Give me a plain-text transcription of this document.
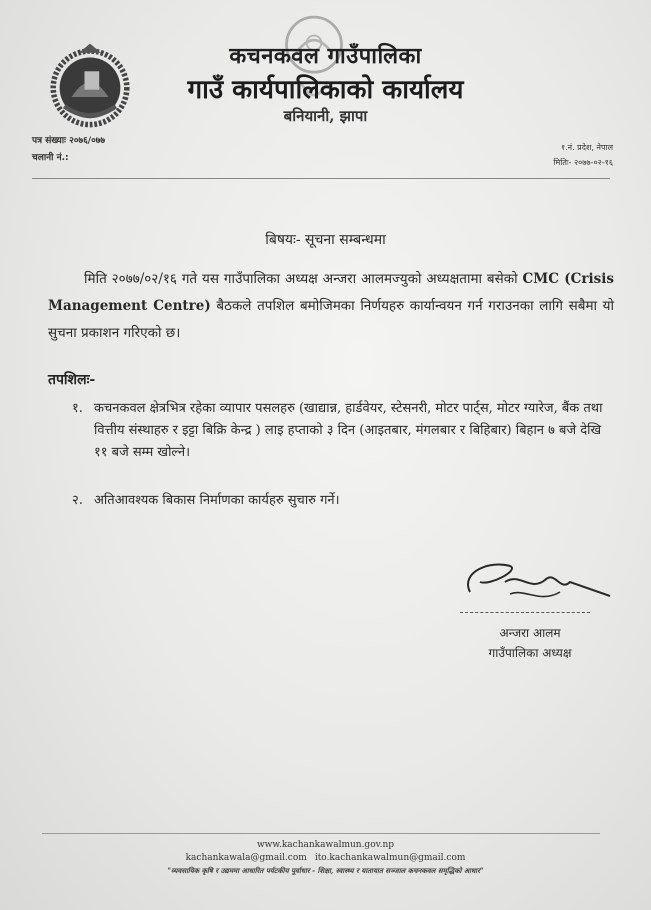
कचनकवल गाउँपालिका
गाउँ कार्यपालिकाको कार्यालय
बनियानी, झापा
पत्र संख्याः २०७६/०७७
चलानी नं.:
१.नं. प्रदेश, नेपाल
मितिः- २०७७-०२-१६
बिषयः- सूचना सम्बन्धमा
मिति २०७७/०२/१६ गते यस गाउँपालिका अध्यक्ष अन्जरा आलमज्युको अध्यक्षतामा बसेको CMC (Crisis Management Centre) बैठकले तपशिल बमोजिमका निर्णयहरु कार्यान्वयन गर्न गराउनका लागि सबैमा यो सुचना प्रकाशन गरिएको छ।
तपशिलः-
१. कचनकवल क्षेत्रभित्र रहेका व्यापार पसलहरु (खाद्यान्न, हार्डवेयर, स्टेसनरी, मोटर पार्ट्स, मोटर ग्यारेज, बैंक तथा वित्तीय संस्थाहरु र इट्टा बिक्रि केन्द्र ) लाइ हप्ताको ३ दिन (आइतबार, मंगलबार र बिहिबार) बिहान ७ बजे देखि ११ बजे सम्म खोल्ने।
२. अतिआवश्यक बिकास निर्माणका कार्यहरु सुचारु गर्ने।
अन्जरा आलम
गाउँपालिका अध्यक्ष
www.kachankawalmun.gov.np
kachankawala@gmail.com ito.kachankawalmun@gmail.com
"व्यवसायिक कृषि र उद्यममा आधारित पर्यटकीय पूर्वाधार - शिक्षा, स्वास्थ्य र यातायात सञ्जाल कचनकवल समृद्धिको आधार"
